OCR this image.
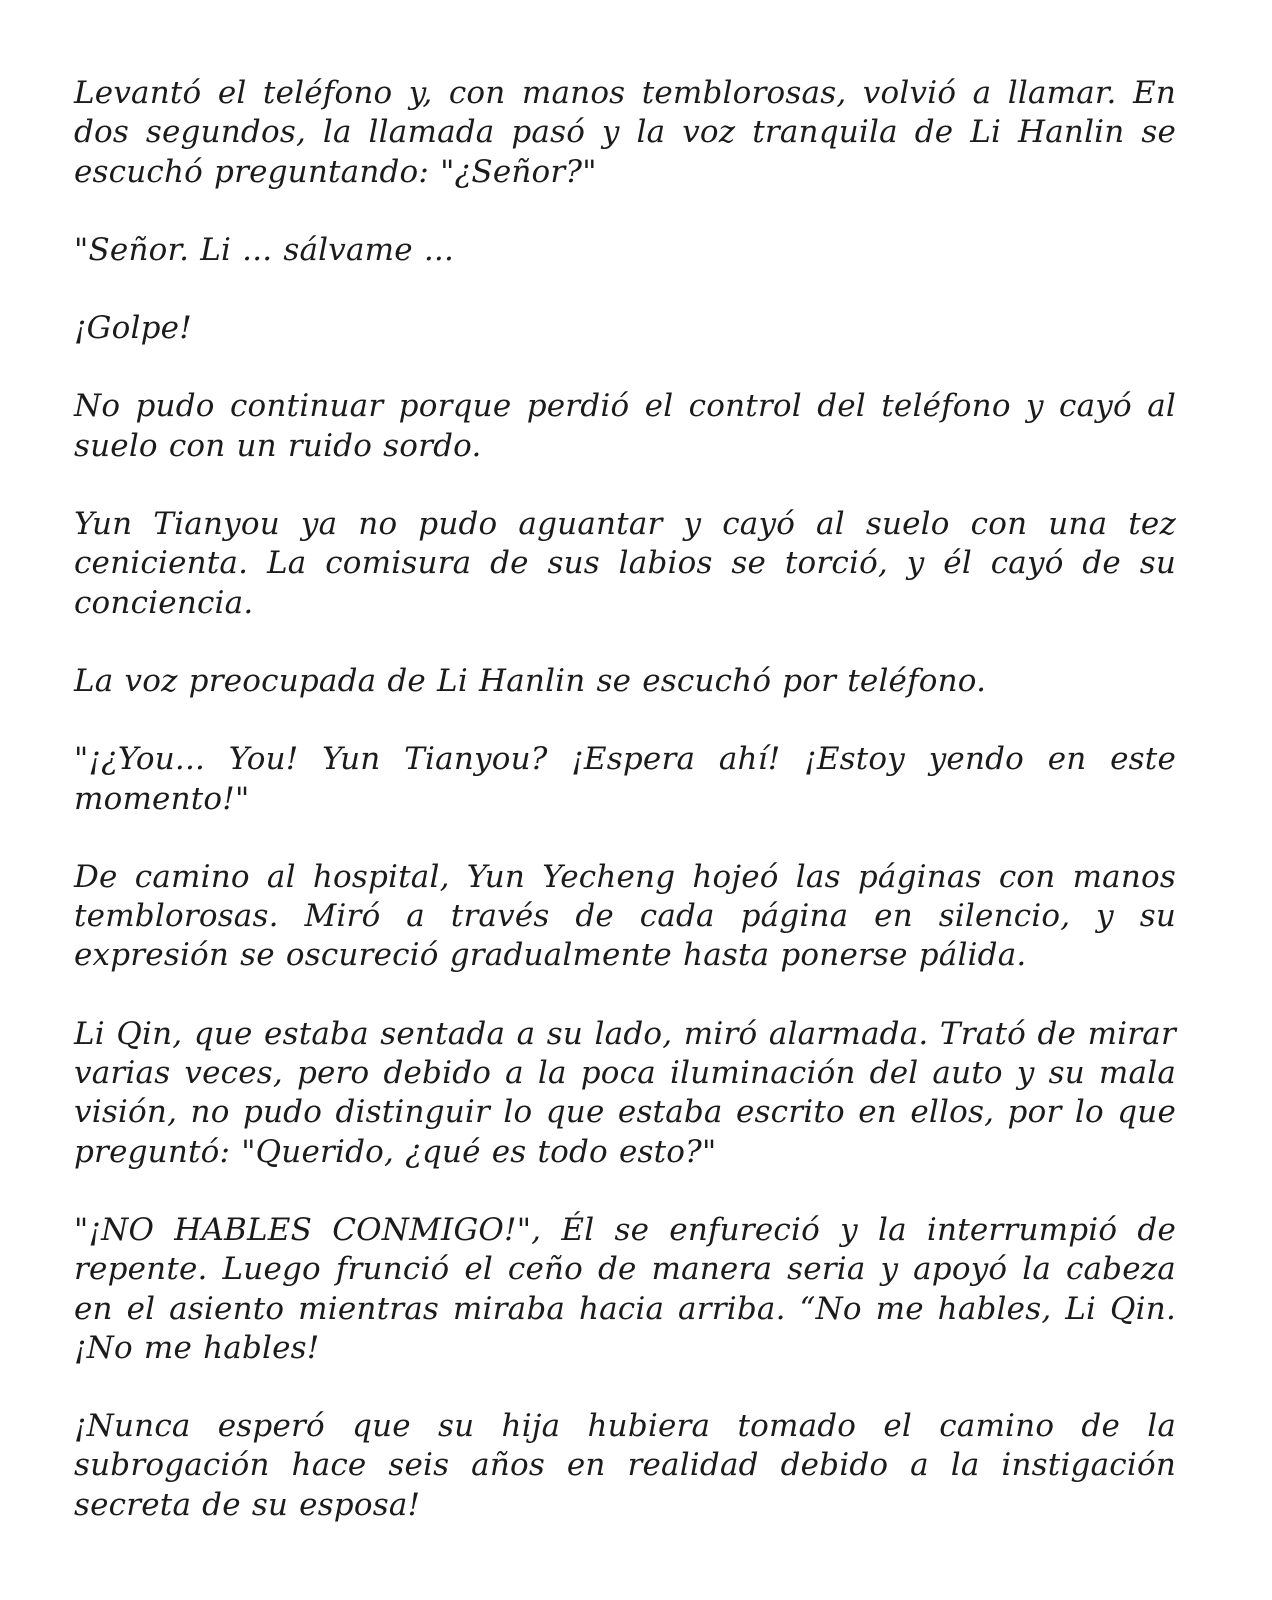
Levantó el teléfono y, con manos temblorosas, volvió a llamar. En dos segundos, la llamada pasó y la voz tranquila de Li Hanlin se escuchó preguntando: "¿Señor?"

"Señor. Li ... sálvame ...

¡Golpe!

No pudo continuar porque perdió el control del teléfono y cayó al suelo con un ruido sordo.

Yun Tianyou ya no pudo aguantar y cayó al suelo con una tez cenicienta. La comisura de sus labios se torció, y él cayó de su conciencia.

La voz preocupada de Li Hanlin se escuchó por teléfono.

"¡¿You... You! Yun Tianyou? ¡Espera ahí! ¡Estoy yendo en este momento!"

De camino al hospital, Yun Yecheng hojeó las páginas con manos temblorosas. Miró a través de cada página en silencio, y su expresión se oscureció gradualmente hasta ponerse pálida.

Li Qin, que estaba sentada a su lado, miró alarmada. Trató de mirar varias veces, pero debido a la poca iluminación del auto y su mala visión, no pudo distinguir lo que estaba escrito en ellos, por lo que preguntó: "Querido, ¿qué es todo esto?"

"¡NO HABLES CONMIGO!", Él se enfureció y la interrumpió de repente. Luego frunció el ceño de manera seria y apoyó la cabeza en el asiento mientras miraba hacia arriba. “No me hables, Li Qin. ¡No me hables!

¡Nunca esperó que su hija hubiera tomado el camino de la subrogación hace seis años en realidad debido a la instigación secreta de su esposa!
